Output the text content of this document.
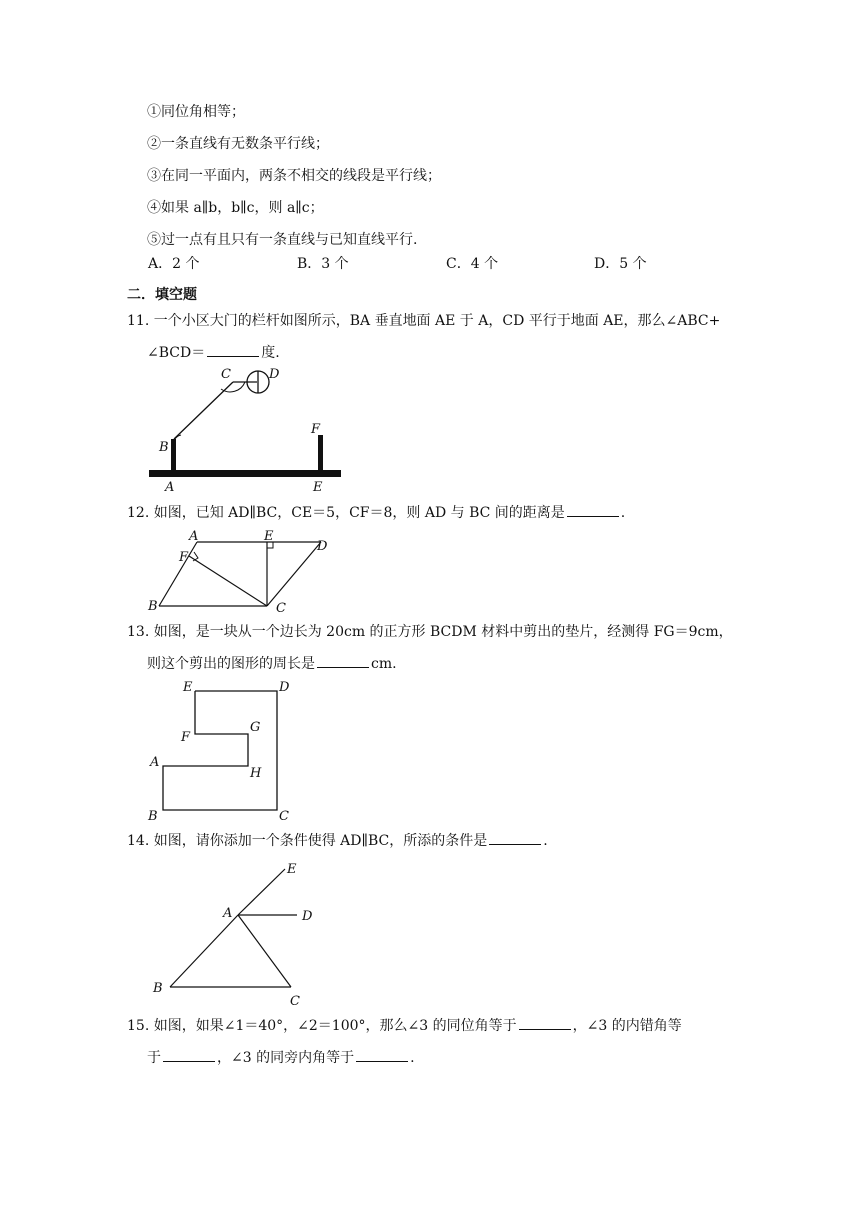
①同位角相等；
②一条直线有无数条平行线；
③在同一平面内，两条不相交的线段是平行线；
④如果 a∥b，b∥c，则 a∥c；
⑤过一点有且只有一条直线与已知直线平行.
A．2 个	B．3 个	C．4 个	D．5 个
二．填空题
11. 一个小区大门的栏杆如图所示，BA 垂直地面 AE 于 A，CD 平行于地面 AE，那么∠ABC+
∠BCD＝	度.
C	D
B
F
A	E
12. 如图，已知 AD∥BC，CE＝5，CF＝8，则 AD 与 BC 间的距离是	.
A	E
D
F
B	C
13. 如图，是一块从一个边长为 20cm 的正方形 BCDM 材料中剪出的垫片，经测得 FG＝9cm，
则这个剪出的图形的周长是	cm.
E	D
G
F
A
H
B	C
14. 如图，请你添加一个条件使得 AD∥BC，所添的条件是	.
E
A	D
B
C
15. 如图，如果∠1＝40°，∠2＝100°，那么∠3 的同位角等于	，∠3 的内错角等
于	，∠3 的同旁内角等于	.
